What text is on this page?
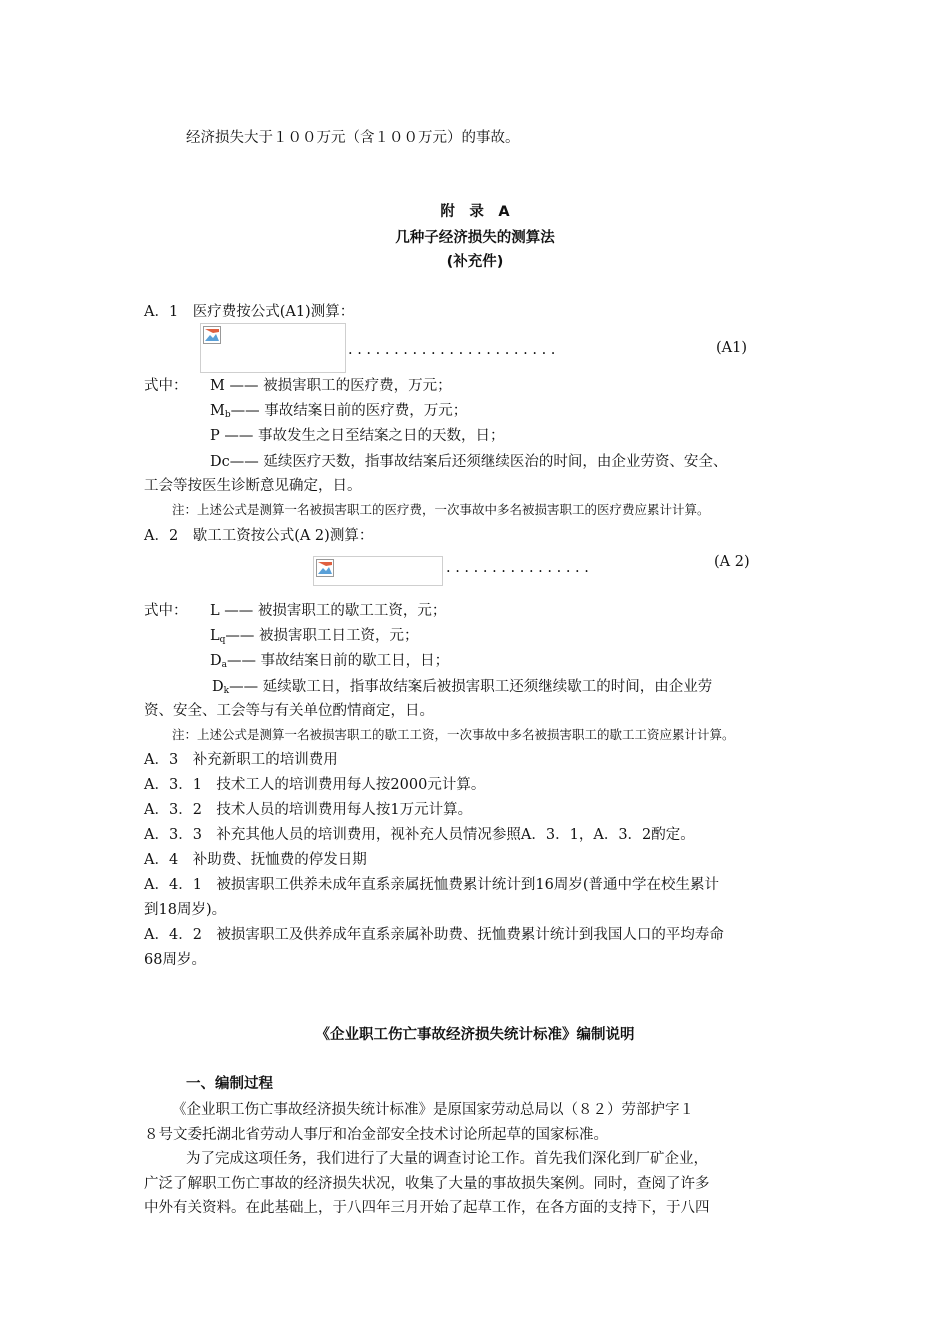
经济损失大于１００万元（含１００万元）的事故。
附　录　A
几种子经济损失的测算法
(补充件)
A．1　医疗费按公式(A1)测算：
. . . . . . . . . . . . . . . . . . . . . . .	(A1)
式中： M —— 被损害职工的医疗费，万元；
$M_b——$ 事故结案日前的医疗费，万元；
P —— 事故发生之日至结案之日的天数，日；
Dc—— 延续医疗天数，指事故结案后还须继续医治的时间，由企业劳资、安全、
工会等按医生诊断意见确定，日。
注：上述公式是测算一名被损害职工的医疗费，一次事故中多名被损害职工的医疗费应累计计算。
A．2　歇工工资按公式(A 2)测算：
. . . . . . . . . . . . . . . .	(A 2)
式中： L —— 被损害职工的歇工工资，元；
$L_q——$ 被损害职工日工资，元；
$D_a——$ 事故结案日前的歇工日，日；
$D_k——$ 延续歇工日，指事故结案后被损害职工还须继续歇工的时间，由企业劳
资、安全、工会等与有关单位酌情商定，日。
注：上述公式是测算一名被损害职工的歇工工资，一次事故中多名被损害职工的歇工工资应累计计算。
A．3　补充新职工的培训费用
A．3．1　技术工人的培训费用每人按2000元计算。
A．3．2　技术人员的培训费用每人按1万元计算。
A．3．3　补充其他人员的培训费用，视补充人员情况参照A．3．1，A．3．2酌定。
A．4　补助费、抚恤费的停发日期
A．4．1　被损害职工供养未成年直系亲属抚恤费累计统计到16周岁(普通中学在校生累计
到18周岁)。
A．4．2　被损害职工及供养成年直系亲属补助费、抚恤费累计统计到我国人口的平均寿命
68周岁。
《企业职工伤亡事故经济损失统计标准》编制说明
一、编制过程
《企业职工伤亡事故经济损失统计标准》是原国家劳动总局以（８２）劳部护字１
８号文委托湖北省劳动人事厅和冶金部安全技术讨论所起草的国家标准。
为了完成这项任务，我们进行了大量的调查讨论工作。首先我们深化到厂矿企业，
广泛了解职工伤亡事故的经济损失状况，收集了大量的事故损失案例。同时，查阅了许多
中外有关资料。在此基础上，于八四年三月开始了起草工作，在各方面的支持下，于八四
